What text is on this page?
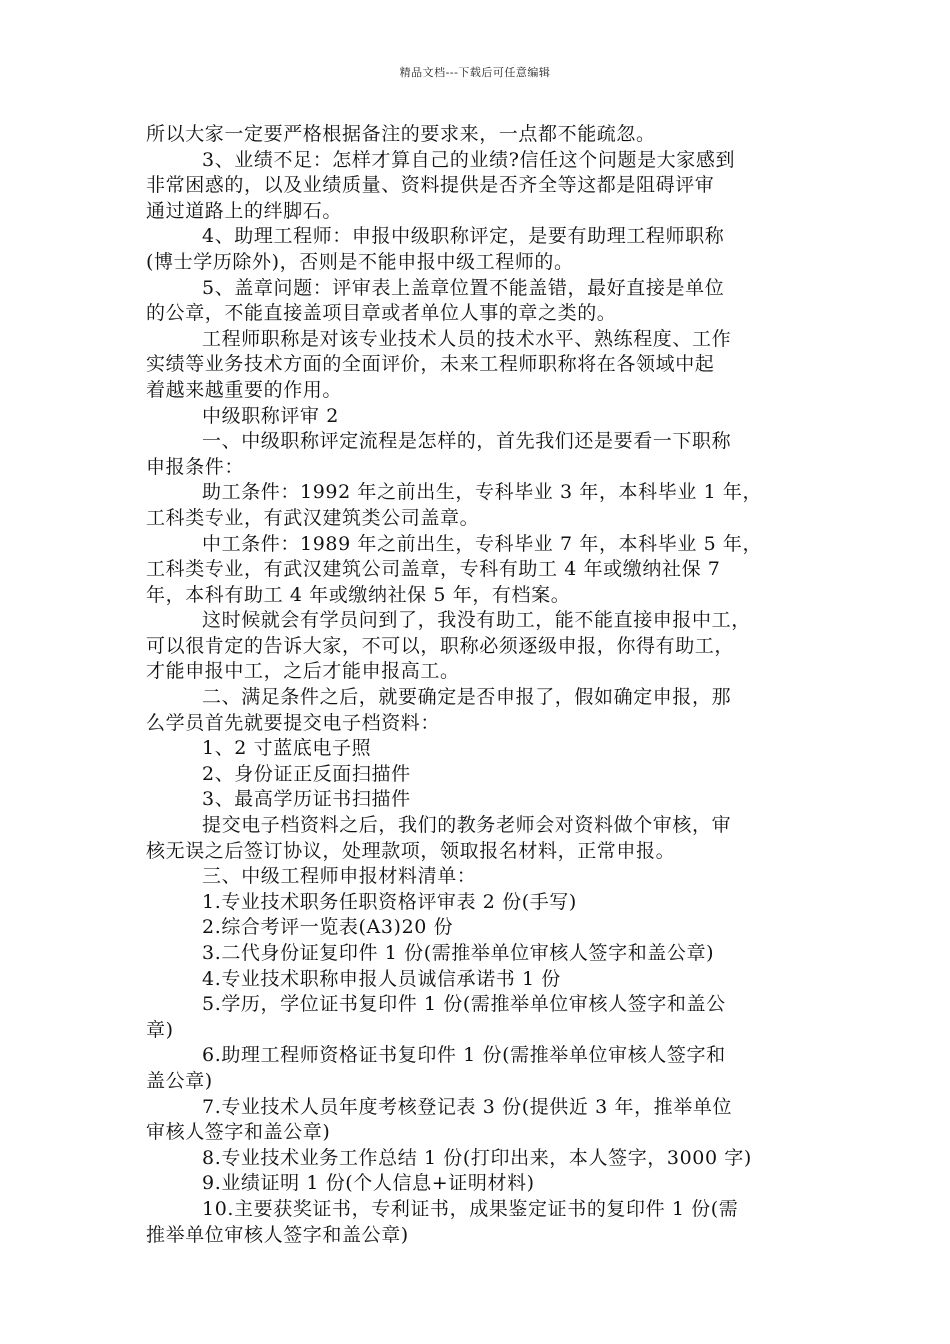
精品文档---下载后可任意编辑
所以大家一定要严格根据备注的要求来，一点都不能疏忽。
3、业绩不足：怎样才算自己的业绩?信任这个问题是大家感到
非常困惑的，以及业绩质量、资料提供是否齐全等这都是阻碍评审
通过道路上的绊脚石。
4、助理工程师：申报中级职称评定，是要有助理工程师职称
(博士学历除外)，否则是不能申报中级工程师的。
5、盖章问题：评审表上盖章位置不能盖错，最好直接是单位
的公章，不能直接盖项目章或者单位人事的章之类的。
工程师职称是对该专业技术人员的技术水平、熟练程度、工作
实绩等业务技术方面的全面评价，未来工程师职称将在各领域中起
着越来越重要的作用。
中级职称评审 2
一、中级职称评定流程是怎样的，首先我们还是要看一下职称
申报条件：
助工条件：1992 年之前出生，专科毕业 3 年，本科毕业 1 年，
工科类专业，有武汉建筑类公司盖章。
中工条件：1989 年之前出生，专科毕业 7 年，本科毕业 5 年，
工科类专业，有武汉建筑公司盖章，专科有助工 4 年或缴纳社保 7
年，本科有助工 4 年或缴纳社保 5 年，有档案。
这时候就会有学员问到了，我没有助工，能不能直接申报中工，
可以很肯定的告诉大家，不可以，职称必须逐级申报，你得有助工，
才能申报中工，之后才能申报高工。
二、满足条件之后，就要确定是否申报了，假如确定申报，那
么学员首先就要提交电子档资料：
1、2 寸蓝底电子照
2、身份证正反面扫描件
3、最高学历证书扫描件
提交电子档资料之后，我们的教务老师会对资料做个审核，审
核无误之后签订协议，处理款项，领取报名材料，正常申报。
三、中级工程师申报材料清单：
1.专业技术职务任职资格评审表 2 份(手写)
2.综合考评一览表(A3)20 份
3.二代身份证复印件 1 份(需推举单位审核人签字和盖公章)
4.专业技术职称申报人员诚信承诺书 1 份
5.学历，学位证书复印件 1 份(需推举单位审核人签字和盖公
章)
6.助理工程师资格证书复印件 1 份(需推举单位审核人签字和
盖公章)
7.专业技术人员年度考核登记表 3 份(提供近 3 年，推举单位
审核人签字和盖公章)
8.专业技术业务工作总结 1 份(打印出来，本人签字，3000 字)
9.业绩证明 1 份(个人信息+证明材料)
10.主要获奖证书，专利证书，成果鉴定证书的复印件 1 份(需
推举单位审核人签字和盖公章)
